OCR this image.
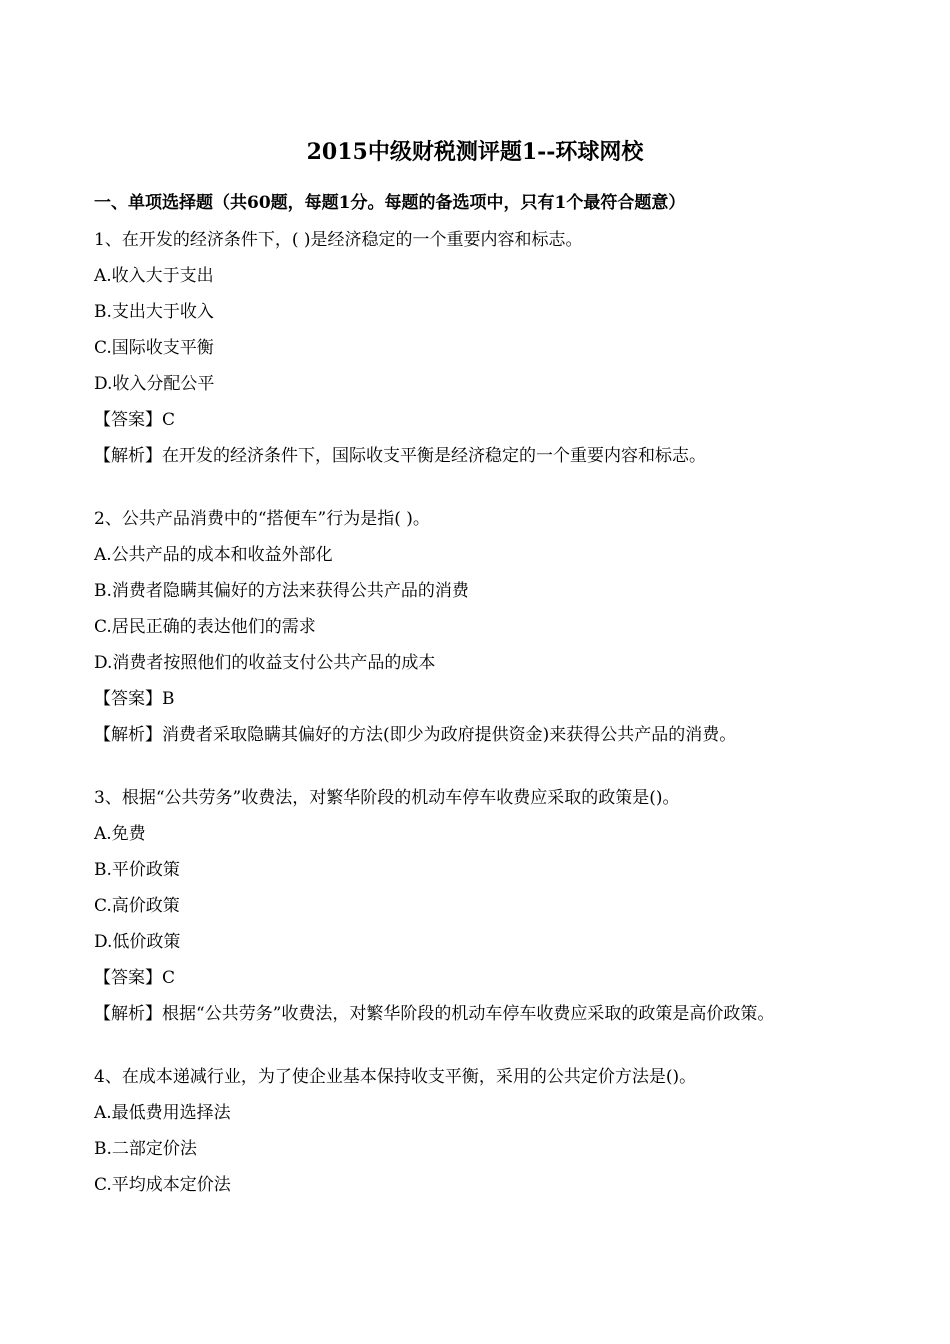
2015中级财税测评题1--环球网校
一、单项选择题（共60题，每题1分。每题的备选项中，只有1个最符合题意）
1、在开发的经济条件下，( )是经济稳定的一个重要内容和标志。
A.收入大于支出
B.支出大于收入
C.国际收支平衡
D.收入分配公平
【答案】C
【解析】在开发的经济条件下，国际收支平衡是经济稳定的一个重要内容和标志。
2、公共产品消费中的“搭便车”行为是指( )。
A.公共产品的成本和收益外部化
B.消费者隐瞒其偏好的方法来获得公共产品的消费
C.居民正确的表达他们的需求
D.消费者按照他们的收益支付公共产品的成本
【答案】B
【解析】消费者采取隐瞒其偏好的方法(即少为政府提供资金)来获得公共产品的消费。
3、根据“公共劳务”收费法，对繁华阶段的机动车停车收费应采取的政策是()。
A.免费
B.平价政策
C.高价政策
D.低价政策
【答案】C
【解析】根据“公共劳务”收费法，对繁华阶段的机动车停车收费应采取的政策是高价政策。
4、在成本递减行业，为了使企业基本保持收支平衡，采用的公共定价方法是()。
A.最低费用选择法
B.二部定价法
C.平均成本定价法
